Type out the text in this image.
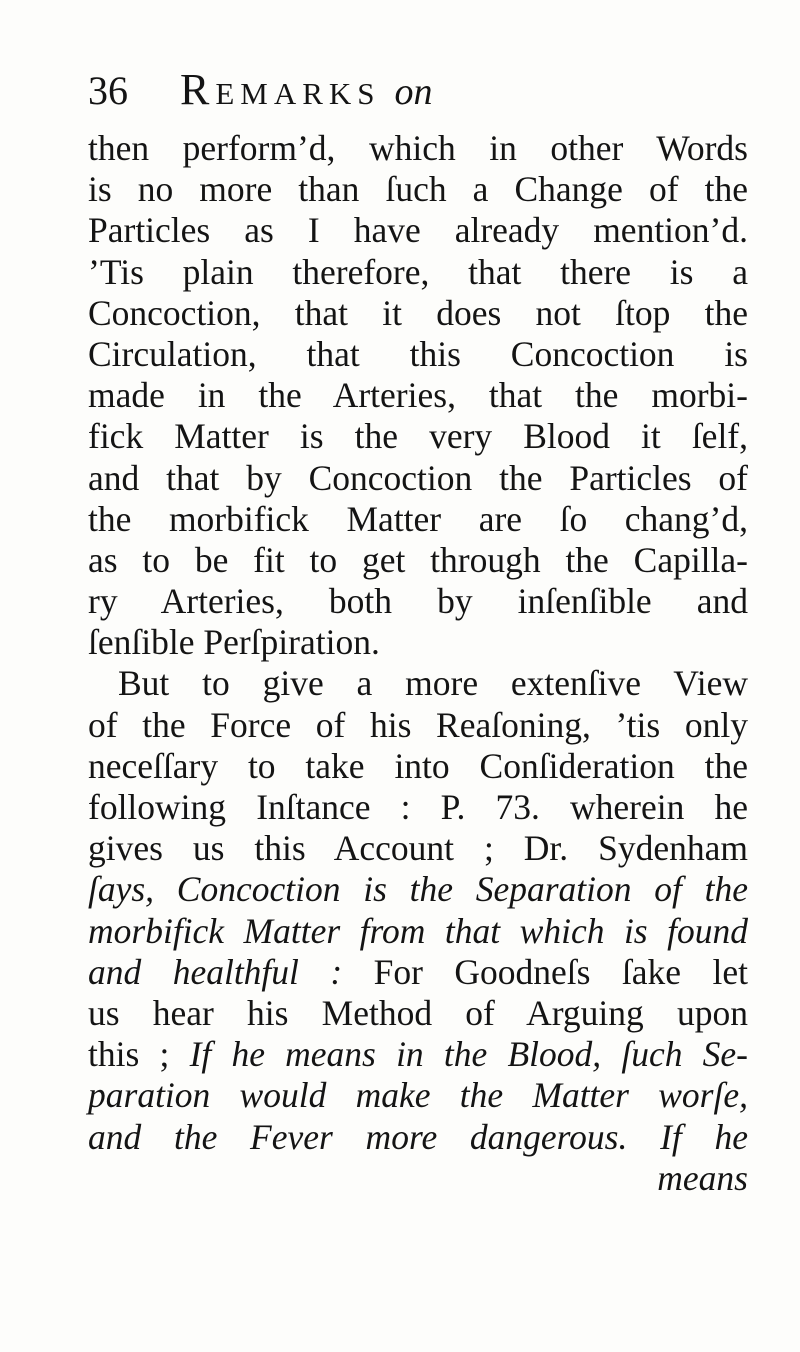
36 Remarks on
then perform’d, which in other Words
is no more than ſuch a Change of the
Particles as I have already mention’d.
’Tis plain therefore, that there is a
Concoction, that it does not ſtop the
Circulation, that this Concoction is
made in the Arteries, that the morbi-
fick Matter is the very Blood it ſelf,
and that by Concoction the Particles of
the morbifick Matter are ſo chang’d,
as to be fit to get through the Capilla-
ry Arteries, both by inſenſible and
ſenſible Perſpiration.
But to give a more extenſive View
of the Force of his Reaſoning, ’tis only
neceſſary to take into Conſideration the
following Inſtance : P. 73. wherein he
gives us this Account ; Dr. Sydenham
ſays, Concoction is the Separation of the
morbifick Matter from that which is found
and healthful : For Goodneſs ſake let
us hear his Method of Arguing upon
this ; If he means in the Blood, ſuch Se-
paration would make the Matter worſe,
and the Fever more dangerous. If he
means
